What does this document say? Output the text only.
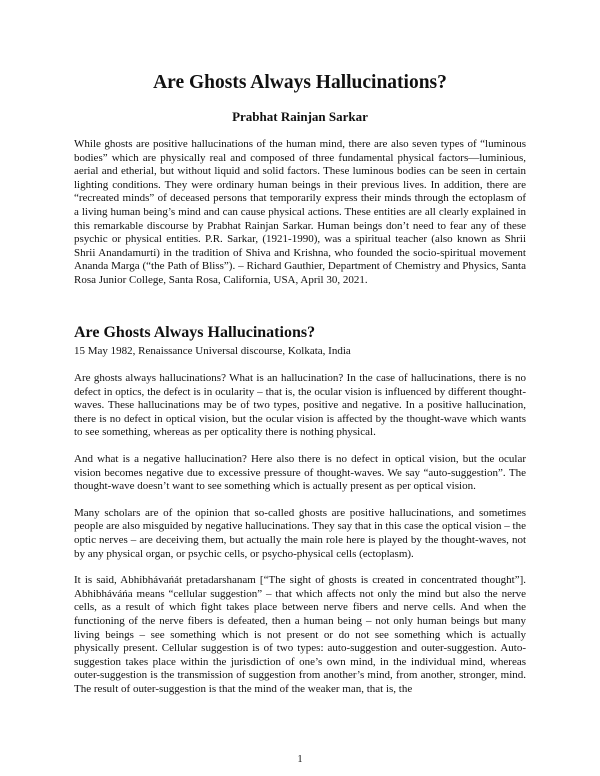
Are Ghosts Always Hallucinations?
Prabhat Rainjan Sarkar

While ghosts are positive hallucinations of the human mind, there are also seven types of “luminous bodies” which are physically real and composed of three fundamental physical factors—luminious, aerial and etherial, but without liquid and solid factors. These luminous bodies can be seen in certain lighting conditions. They were ordinary human beings in their previous lives. In addition, there are “recreated minds” of deceased persons that temporarily express their minds through the ectoplasm of a living human being’s mind and can cause physical actions. These entities are all clearly explained in this remarkable discourse by Prabhat Rainjan Sarkar. Human beings don’t need to fear any of these psychic or physical entities. P.R. Sarkar, (1921-1990), was a spiritual teacher (also known as Shrii Shrii Anandamurti) in the tradition of Shiva and Krishna, who founded the socio-spiritual movement Ananda Marga (“the Path of Bliss”). – Richard Gauthier, Department of Chemistry and Physics, Santa Rosa Junior College, Santa Rosa, California, USA, April 30, 2021.

Are Ghosts Always Hallucinations?

15 May 1982, Renaissance Universal discourse, Kolkata, India

Are ghosts always hallucinations? What is an hallucination? In the case of hallucinations, there is no defect in optics, the defect is in ocularity – that is, the ocular vision is influenced by different thought-waves. These hallucinations may be of two types, positive and negative. In a positive hallucination, there is no defect in optical vision, but the ocular vision is affected by the thought-wave which wants to see something, whereas as per opticality there is nothing physical.

And what is a negative hallucination? Here also there is no defect in optical vision, but the ocular vision becomes negative due to excessive pressure of thought-waves. We say “auto-suggestion”. The thought-wave doesn’t want to see something which is actually present as per optical vision.

Many scholars are of the opinion that so-called ghosts are positive hallucinations, and sometimes people are also misguided by negative hallucinations. They say that in this case the optical vision – the optic nerves – are deceiving them, but actually the main role here is played by the thought-waves, not by any physical organ, or psychic cells, or psycho-physical cells (ectoplasm).

It is said, Abhibhávańát pretadarshanam [“The sight of ghosts is created in concentrated thought”]. Abhibháváńa means “cellular suggestion” – that which affects not only the mind but also the nerve cells, as a result of which fight takes place between nerve fibers and nerve cells. And when the functioning of the nerve fibers is defeated, then a human being – not only human beings but many living beings – see something which is not present or do not see something which is actually physically present. Cellular suggestion is of two types: auto-suggestion and outer-suggestion. Auto-suggestion takes place within the jurisdiction of one’s own mind, in the individual mind, whereas outer-suggestion is the transmission of suggestion from another’s mind, from another, stronger, mind. The result of outer-suggestion is that the mind of the weaker man, that is, the

1
